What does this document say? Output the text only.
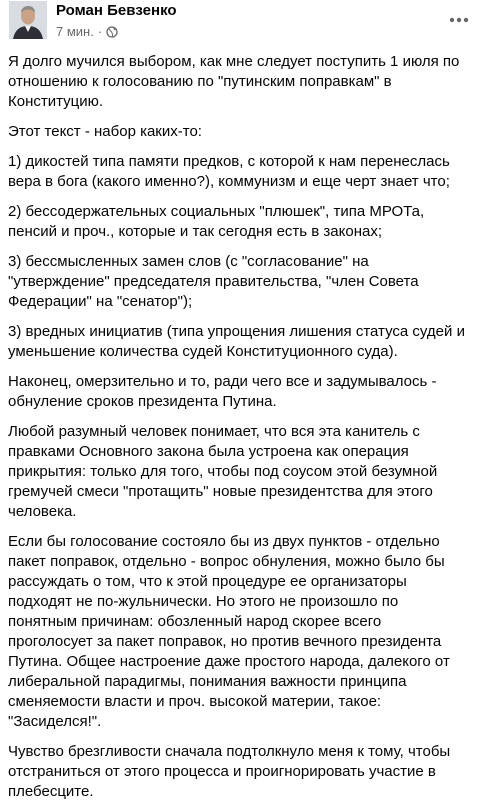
Роман Бевзенко
7 мин. ·

Я долго мучился выбором, как мне следует поступить 1 июля по отношению к голосованию по "путинским поправкам" в Конституцию.

Этот текст - набор каких-то:

1) дикостей типа памяти предков, с которой к нам перенеслась вера в бога (какого именно?), коммунизм и еще черт знает что;

2) бессодержательных социальных "плюшек", типа МРОТа, пенсий и проч., которые и так сегодня есть в законах;

3) бессмысленных замен слов (с "согласование" на "утверждение" председателя правительства, "член Совета Федерации" на "сенатор");

3) вредных инициатив (типа упрощения лишения статуса судей и уменьшение количества судей Конституционного суда).

Наконец, омерзительно и то, ради чего все и задумывалось - обнуление сроков президента Путина.

Любой разумный человек понимает, что вся эта канитель с правками Основного закона была устроена как операция прикрытия: только для того, чтобы под соусом этой безумной гремучей смеси "протащить" новые президентства для этого человека.

Если бы голосование состояло бы из двух пунктов - отдельно пакет поправок, отдельно - вопрос обнуления, можно было бы рассуждать о том, что к этой процедуре ее организаторы подходят не по-жульнически. Но этого не произошло по понятным причинам: обозленный народ скорее всего проголосует за пакет поправок, но против вечного президента Путина. Общее настроение даже простого народа, далекого от либеральной парадигмы, понимания важности принципа сменяемости власти и проч. высокой материи, такое: "Засиделся!".

Чувство брезгливости сначала подтолкнуло меня к тому, чтобы отстраниться от этого процесса и проигнорировать участие в плебесците.
